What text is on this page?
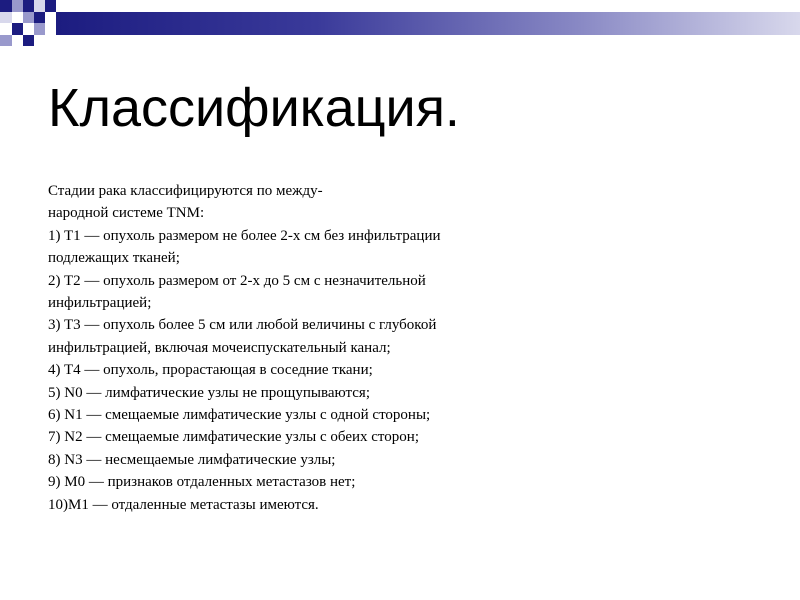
Классификация.
Стадии рака классифицируются по между-
народной системе TNM:
1) T1 — опухоль размером не более 2-х см без инфильтрации
подлежащих тканей;
2) T2 — опухоль размером от 2-х до 5 см с незначительной
инфильтрацией;
3) T3 — опухоль более 5 см или любой величины с глубокой
инфильтрацией, включая мочеиспускательный канал;
4) T4 — опухоль, прорастающая в соседние ткани;
5) N0 — лимфатические узлы не прощупываются;
6) N1 — смещаемые лимфатические узлы с одной стороны;
7) N2 — смещаемые лимфатические узлы с обеих сторон;
8) N3 — несмещаемые лимфатические узлы;
9) M0 — признаков отдаленных метастазов нет;
10)M1 — отдаленные метастазы имеются.
